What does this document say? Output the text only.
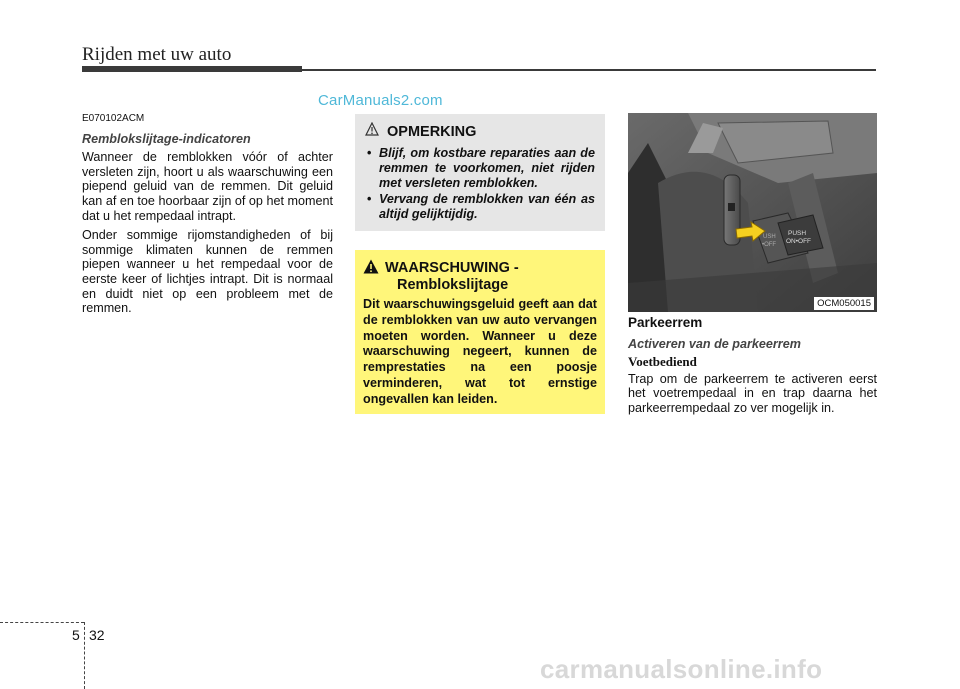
Rijden met uw auto
CarManuals2.com
E070102ACM
Remblokslijtage-indicatoren

Wanneer de remblokken vóór of achter versleten zijn, hoort u als waarschuwing een piepend geluid van de remmen. Dit geluid kan af en toe hoorbaar zijn of op het moment dat u het rempedaal intrapt.

Onder sommige rijomstandigheden of bij sommige klimaten kunnen de remmen piepen wanneer u het rempedaal voor de eerste keer of lichtjes intrapt. Dit is normaal en duidt niet op een probleem met de remmen.

OPMERKING
• Blijf, om kostbare reparaties aan de remmen te voorkomen, niet rijden met versleten remblokken.
• Vervang de remblokken van één as altijd gelijktijdig.
WAARSCHUWING -
Remblokslijtage

Dit waarschuwingsgeluid geeft aan dat de remblokken van uw auto vervangen moeten worden. Wanneer u deze waarschuwing negeert, kunnen de remprestaties na een poosje verminderen, wat tot ernstige ongevallen kan leiden.

PUSH
ON•OFF
USH
•OFF
OCM050015
Parkeerrem
Activeren van de parkeerrem
Voetbediend

Trap om de parkeerrem te activeren eerst het voetrempedaal in en trap daarna het parkeerrempedaal zo ver mogelijk in.

5 32
carmanualsonline.info
